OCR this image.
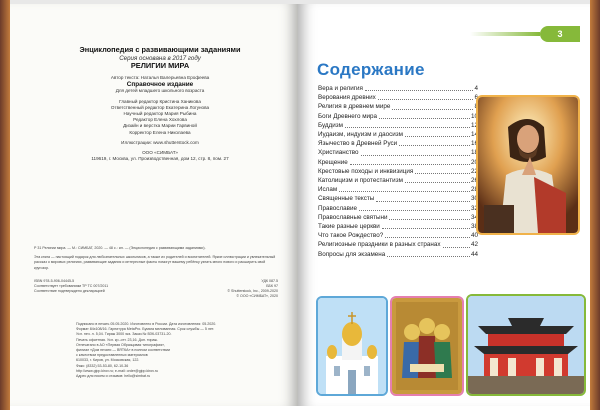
Энциклопедия с развивающими заданиями
Серия основана в 2017 году
РЕЛИГИИ МИРА
Автор текста: Наталья Валерьевна Ерофеева
Справочное издание
Для детей младшего школьного возраста
Главный редактор Кристина Ханикова
Ответственный редактор Екатерина Логунова
Научный редактор Мария Рыбина
Редактор Елена Хохлова
Дизайн и верстка Марии Гарвиной
Корректор Елена Николаева
Иллюстрации: www.shutterstock.com
ООО «СИМБАТ»
119619, г. Москва, ул. Производственная, дом 12, стр. 8, пом. 27
Р 31 Религии мира. — М.: СИМБАТ, 2020. — 48 с.: ил. — (Энциклопедия с развивающими заданиями).
Эта книга — настоящий подарок для любознательных школьников, а также их родителей и воспитателей. Яркие иллюстрации и увлекательный рассказ о мировых религиях, развивающие задания и интересные факты помогут вашему ребёнку узнать много нового и расширить свой кругозор.
ISBN 978-5-906-04445-5	УДК 087.5
Соответствует требованиям ТР ТС 007/2011	ББК 97
Соответствие подтверждено декларацией	© Shutterstock, Inc., 2009-2020
© ООО «СИМБАТ», 2020
Подписано в печать 05.05.2020. Изготовлено в России. Дата изготовления: 05.2020.
Формат 84x108/16. Гарнитура MetaPro. Бумага мелованная. Срок службы — 5 лет.
Усл. печ. л. 5,04. Тираж 3000 экз. Заказ № ВЗК-03731-20.
Печать офсетная. Усл. кр.-отт. 23,16. Доп. тираж.
Отпечатано в АО «Первая Образцовая типография»,
филиал «Дом печати — ВЯТКА» в полном соответствии
с качеством предоставленных материалов
610033, г. Киров, ул. Московская, 122.
Факс: (8332) 53-53-80, 62-10-36
http://www.gipp.kirov.ru; e-mail: order@gipp.kirov.ru
Адрес для писем и отзывов: hello@simbat.ru
3
Содержание
Вера и религия	4
Верования древних	6
Религия в древнем мире	8
Боги Древнего мира	10
Буддизм	12
Иудаизм, индуизм и даосизм	14
Язычество в Древней Руси	16
Христианство	18
Крещение	20
Крестовые походы и инквизиция	22
Католицизм и протестантизм	26
Ислам	28
Священные тексты	30
Православие	32
Православные святыни	34
Такие разные церкви	38
Что такое Рождество?	40
Религиозные праздники в разных странах	42
Вопросы для экзамена	44
